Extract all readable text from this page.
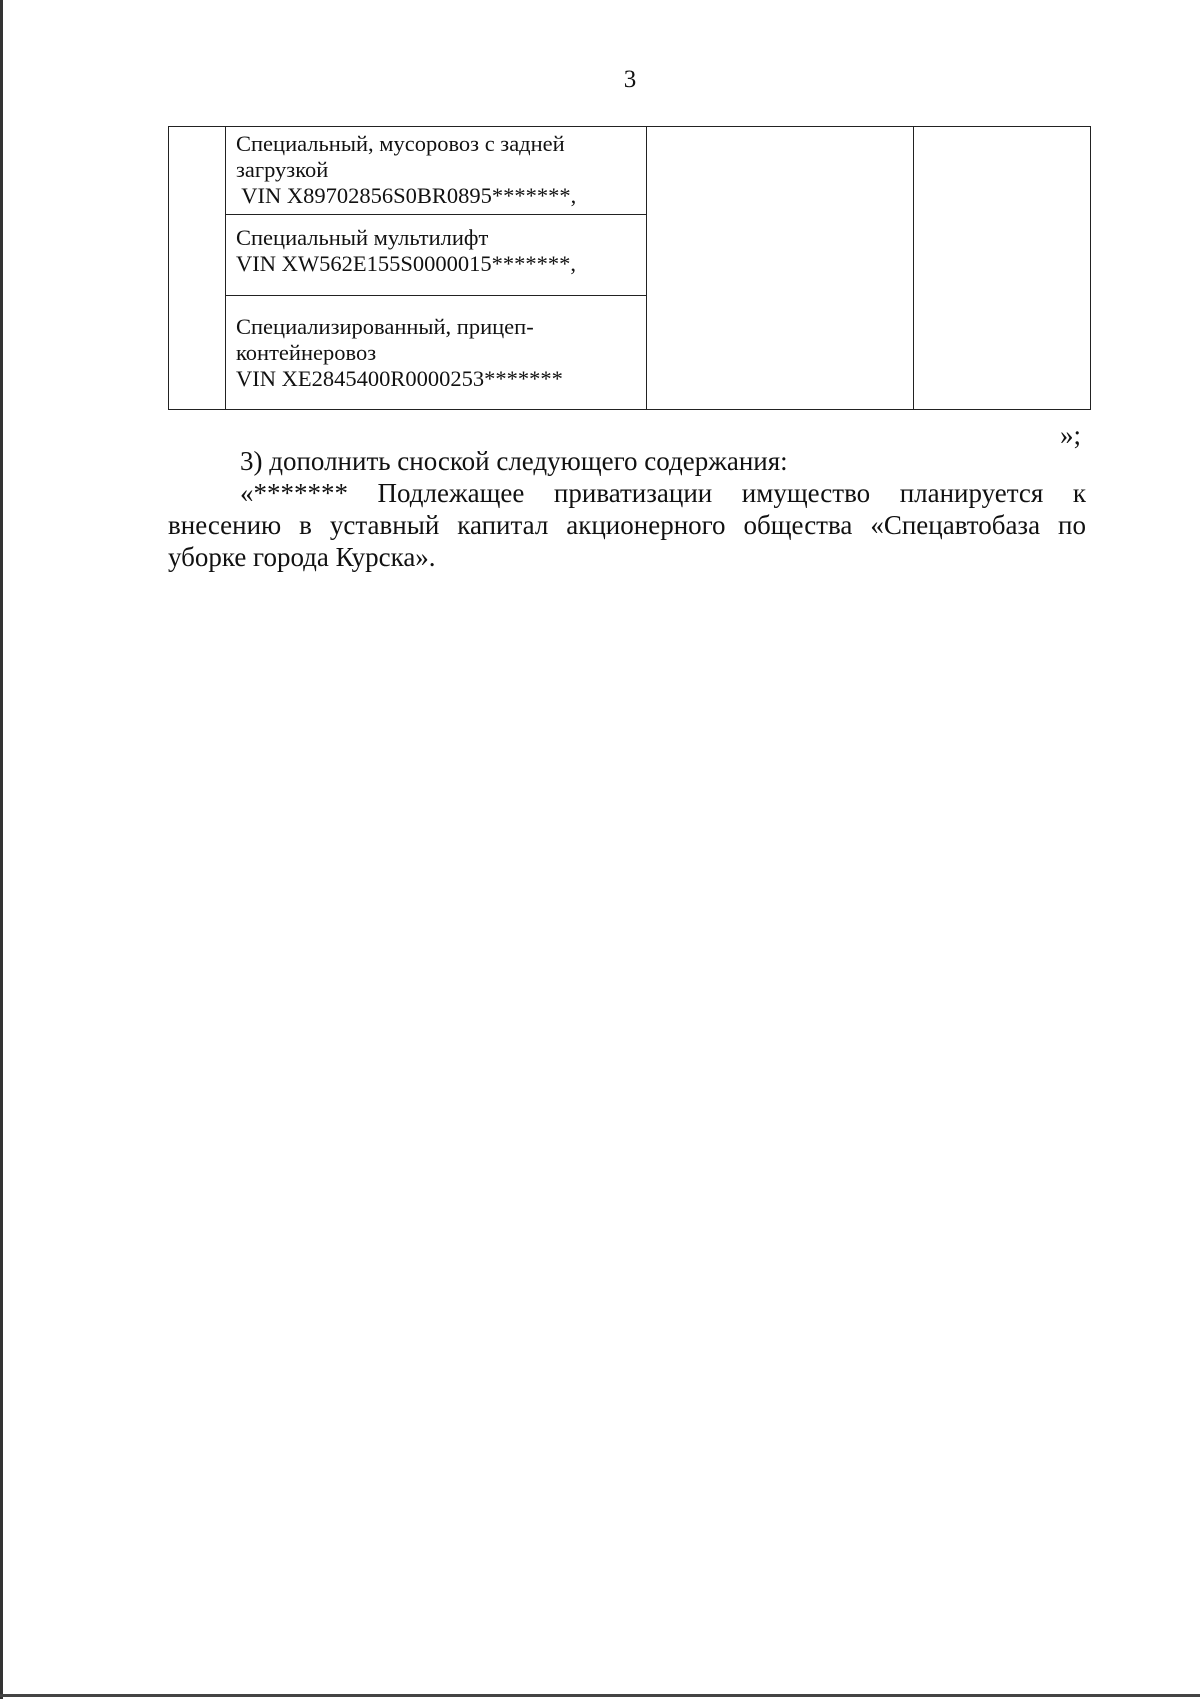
3

Специальный, мусоровоз с задней
загрузкой
VIN X89702856S0BR0895*******,

Специальный мультилифт
VIN XW562E155S0000015*******,

Специализированный, прицеп-
контейнеровоз
VIN XE2845400R0000253*******
»;

3) дополнить сноской следующего содержания:

«******* Подлежащее приватизации имущество планируется к внесению в уставный капитал акционерного общества «Спецавтобаза по уборке города Курска».
